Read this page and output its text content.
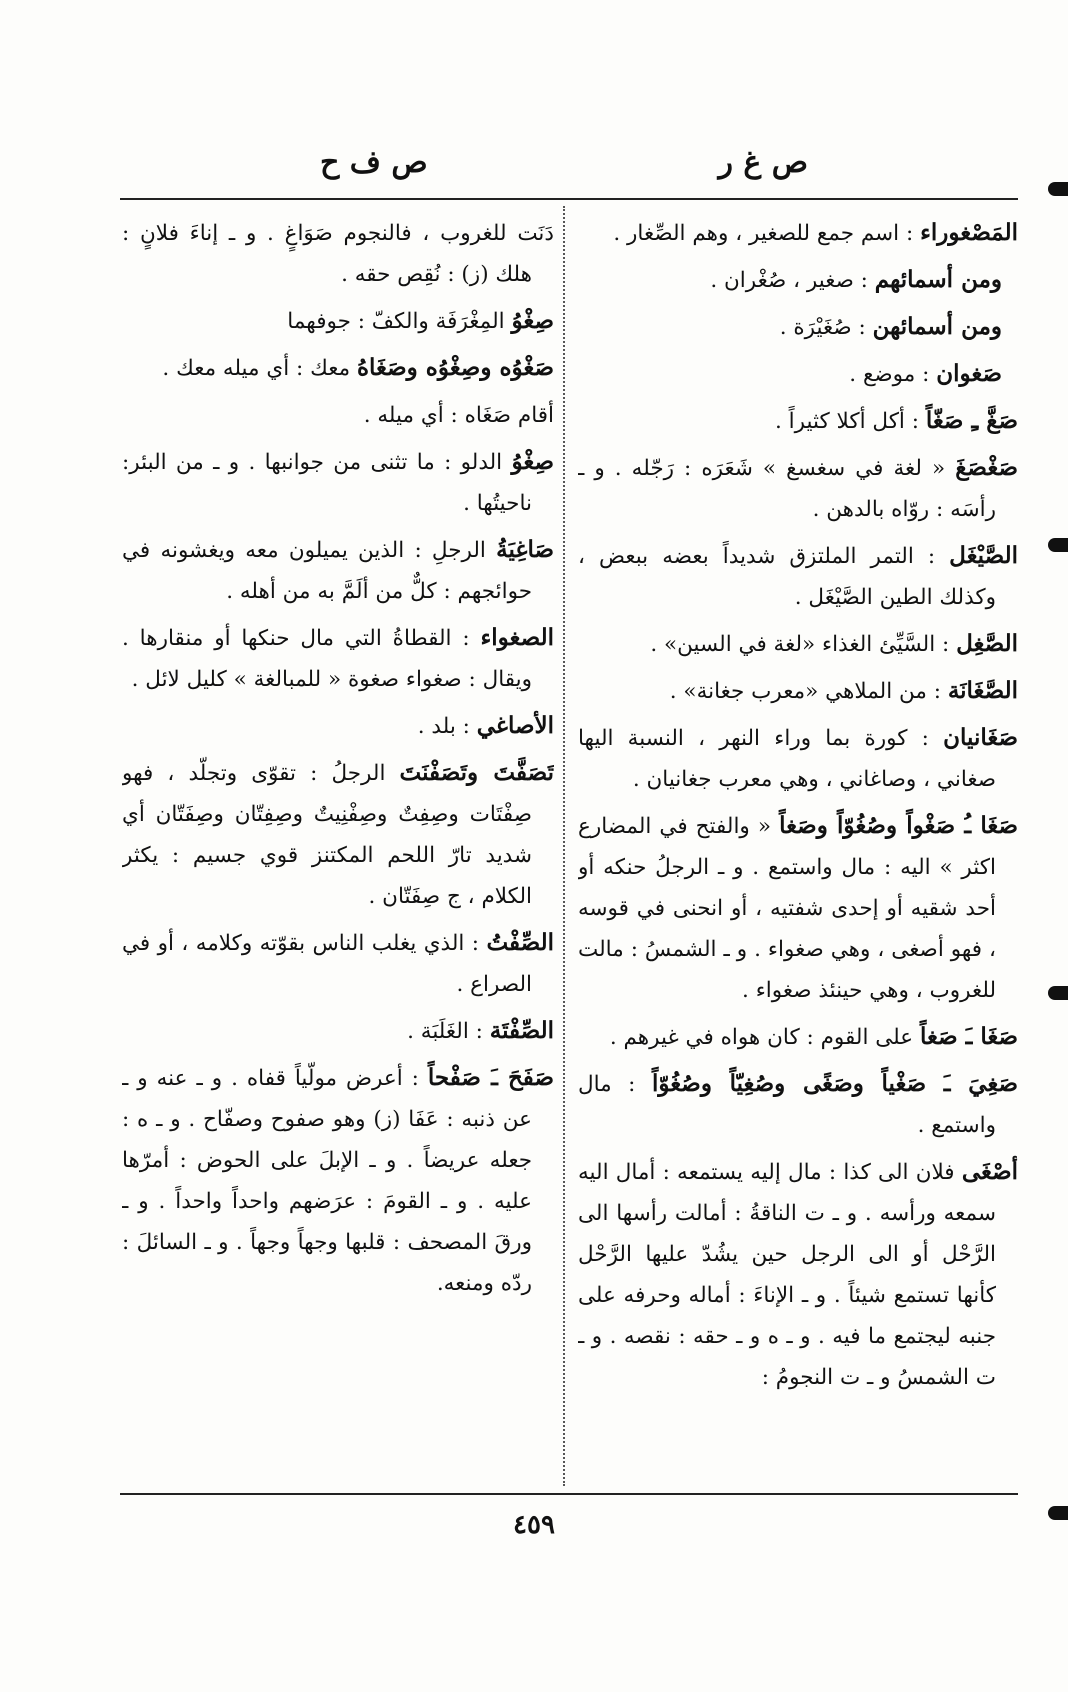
ص غ ر
ص ف ح

المَصْغوراء : اسم جمع للصغير ، وهم الصِّغار .

ومن أسمائهم : صغير ، صُغْران .

ومن أسمائهن : صُغَيْرَة .

صَغوان : موضع .

صَغَّ ـِ صَغّاً : أكل أكلا كثيراً .

صَغْصَغَ « لغة في سغسغ » شَعَرَه : رَجّله . و ـ رأسَه : روّاه بالدهن .

الصَّيْغَل : التمر الملتزق شديداً بعضه ببعض ، وكذلك الطين الصَّيْغَل .

الصَّغِل : السَّيِّئ الغذاء «لغة في السين» .

الصَّغَانَة : من الملاهي «معرب جغانة» .

صَغَانيان : كورة بما وراء النهر ، النسبة اليها صغاني ، وصاغاني ، وهي معرب جغانيان .

صَغَا ـُ صَغْواً وصُغُوّاً وصَغاً « والفتح في المضارع اكثر » اليه : مال واستمع . و ـ الرجلُ حنكه أو أحد شقيه أو إحدى شفتيه ، أو انحنى في قوسه ، فهو أصغى ، وهي صغواء . و ـ الشمسُ : مالت للغروب ، وهي حينئذ صغواء .

صَغَا ـَ صَغاً على القوم : كان هواه في غيرهم .

صَغِيَ ـَ صَغْياً وصَغًى وصُغِيّاً وصُغُوّاً : مال واستمع .

أصْغَى فلان الى كذا : مال إليه يستمعه : أمال اليه سمعه ورأسه . و ـ ت الناقةُ : أمالت رأسها الى الرَّحْل أو الى الرجل حين يشُدّ عليها الرَّحْل كأنها تستمع شيئاً . و ـ الإناءَ : أماله وحرفه على جنبه ليجتمع ما فيه . و ـ ه و ـ حقه : نقصه . و ـ ت الشمسُ و ـ ت النجومُ :

دَنَت للغروب ، فالنجوم صَوَاغٍ . و ـ إناءَ فلانٍ : هلك (ز) : نُقِص حقه .

صِغْوُ المِغْرَفَة والكفّ : جوفهما

صَغْوُه وصِغْوُه وصَغَاهُ معك : أي ميله معك .

أقام صَغَاه : أي ميله .

صِغْوُ الدلو : ما تثنى من جوانبها . و ـ من البئر: ناحيتُها .

صَاغِيَةُ الرجلِ : الذين يميلون معه ويغشونه في حوائجهم : كلٌّ من ألَمَّ به من أهله .

الصغواء : القطاةُ التي مال حنكها أو منقارها . ويقال : صغواء صغوة « للمبالغة » كليل لائل .

الأصاغي : بلد .

تَصَفَّتَ وتَصَفْنَتَ الرجلُ : تقوّى وتجلّد ، فهو صِفْتَات وصِفِتٌ وصِفْنِيتٌ وصِفِتّان وصِفَتّان أي شديد تارّ اللحم المكتنز قوي جسيم : يكثر الكلام ، ج صِفَتّان .

الصِّفْتُ : الذي يغلب الناس بقوّته وكلامه ، أو في الصراع .

الصِّفْتَة : الغَلَبَة .

صَفَحَ ـَ صَفْحاً : أعرض مولّياً قفاه . و ـ عنه و ـ عن ذنبه : عَفَا (ز) وهو صفوح وصفّاح . و ـ ه : جعله عريضاً . و ـ الإبلَ على الحوض : أمرّها عليه . و ـ القومَ : عرَضهم واحداً واحداً . و ـ ورقَ المصحف : قلبها وجهاً وجهاً . و ـ السائلَ : ردّه ومنعه.

٤٥٩
